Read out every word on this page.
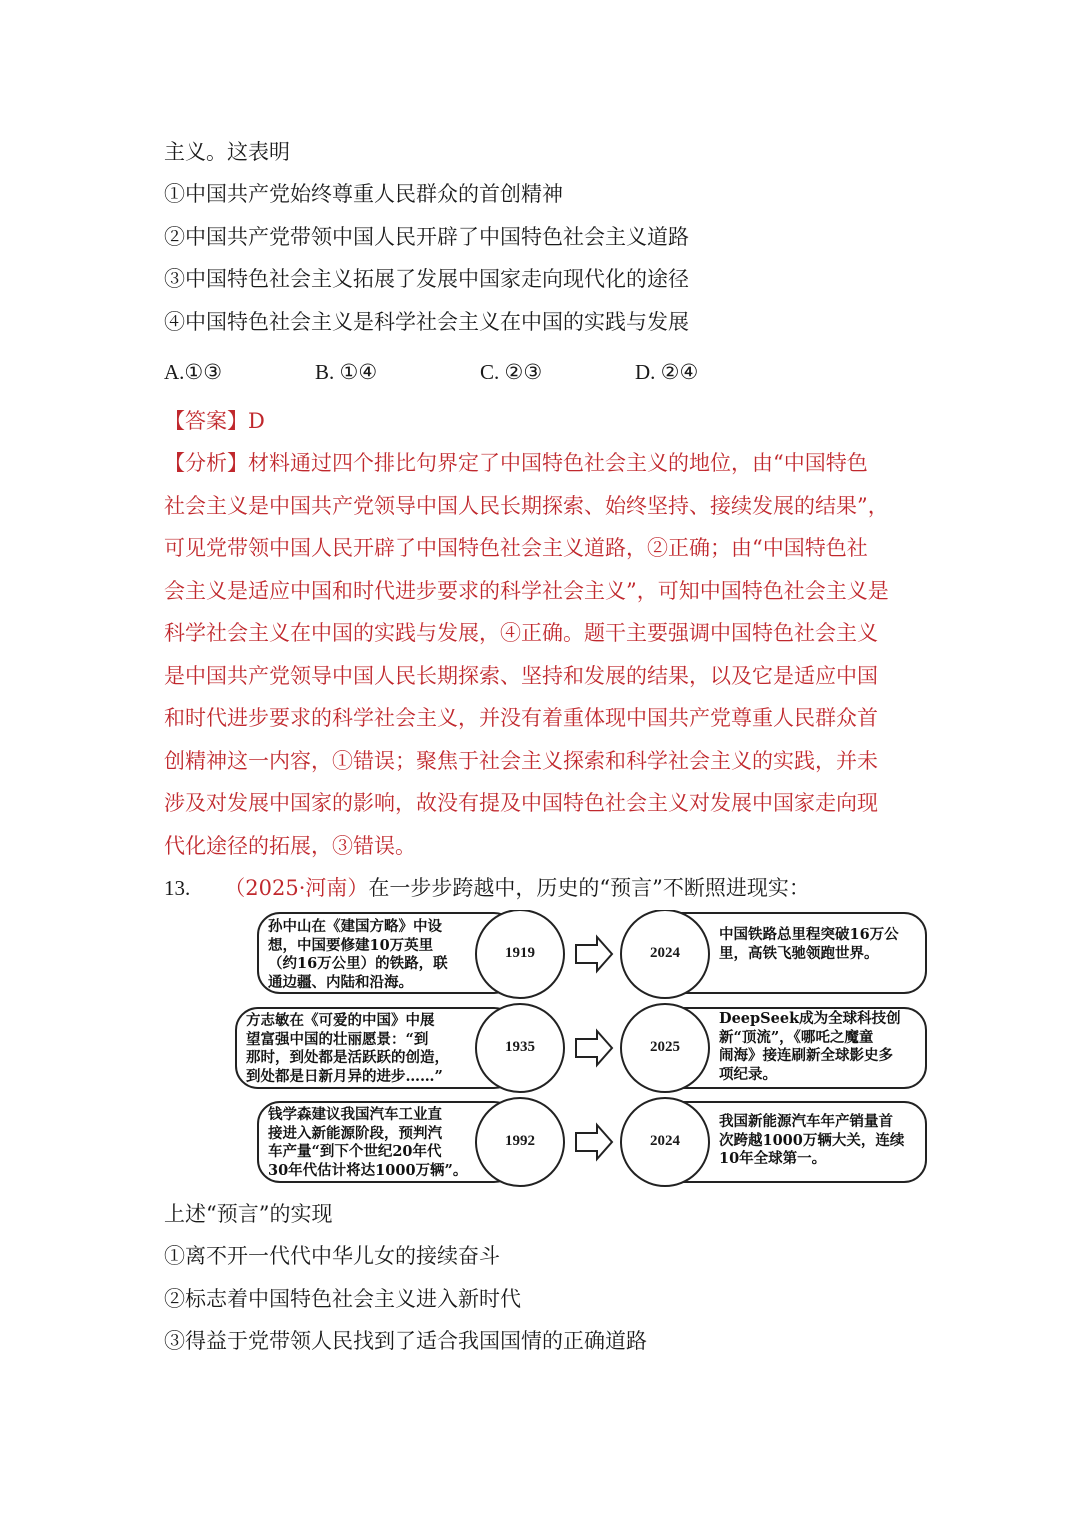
主义。这表明
①中国共产党始终尊重人民群众的首创精神
②中国共产党带领中国人民开辟了中国特色社会主义道路
③中国特色社会主义拓展了发展中国家走向现代化的途径
④中国特色社会主义是科学社会主义在中国的实践与发展
A.①③	B. ①④	C. ②③	D. ②④
【答案】D
【分析】材料通过四个排比句界定了中国特色社会主义的地位，由“中国特色
社会主义是中国共产党领导中国人民长期探索、始终坚持、接续发展的结果”，
可见党带领中国人民开辟了中国特色社会主义道路，②正确；由“中国特色社
会主义是适应中国和时代进步要求的科学社会主义”，可知中国特色社会主义是
科学社会主义在中国的实践与发展，④正确。题干主要强调中国特色社会主义
是中国共产党领导中国人民长期探索、坚持和发展的结果，以及它是适应中国
和时代进步要求的科学社会主义，并没有着重体现中国共产党尊重人民群众首
创精神这一内容，①错误；聚焦于社会主义探索和科学社会主义的实践，并未
涉及对发展中国家的影响，故没有提及中国特色社会主义对发展中国家走向现
代化途径的拓展，③错误。
13. （2025·河南）在一步步跨越中，历史的“预言”不断照进现实：
孙中山在《建国方略》中设
想，中国要修建10万英里
（约16万公里）的铁路，联
通边疆、内陆和沿海。
1919	2024
中国铁路总里程突破16万公
里，高铁飞驰领跑世界。
方志敏在《可爱的中国》中展
望富强中国的壮丽愿景：“到
那时，到处都是活跃跃的创造，
到处都是日新月异的进步……”
1935	2025
DeepSeek成为全球科技创
新“顶流”，《哪吒之魔童
闹海》接连刷新全球影史多
项纪录。
钱学森建议我国汽车工业直
接进入新能源阶段，预判汽
车产量“到下个世纪20年代
30年代估计将达1000万辆”。
1992	2024
我国新能源汽车年产销量首
次跨越1000万辆大关，连续
10年全球第一。
上述“预言”的实现
①离不开一代代中华儿女的接续奋斗
②标志着中国特色社会主义进入新时代
③得益于党带领人民找到了适合我国国情的正确道路
